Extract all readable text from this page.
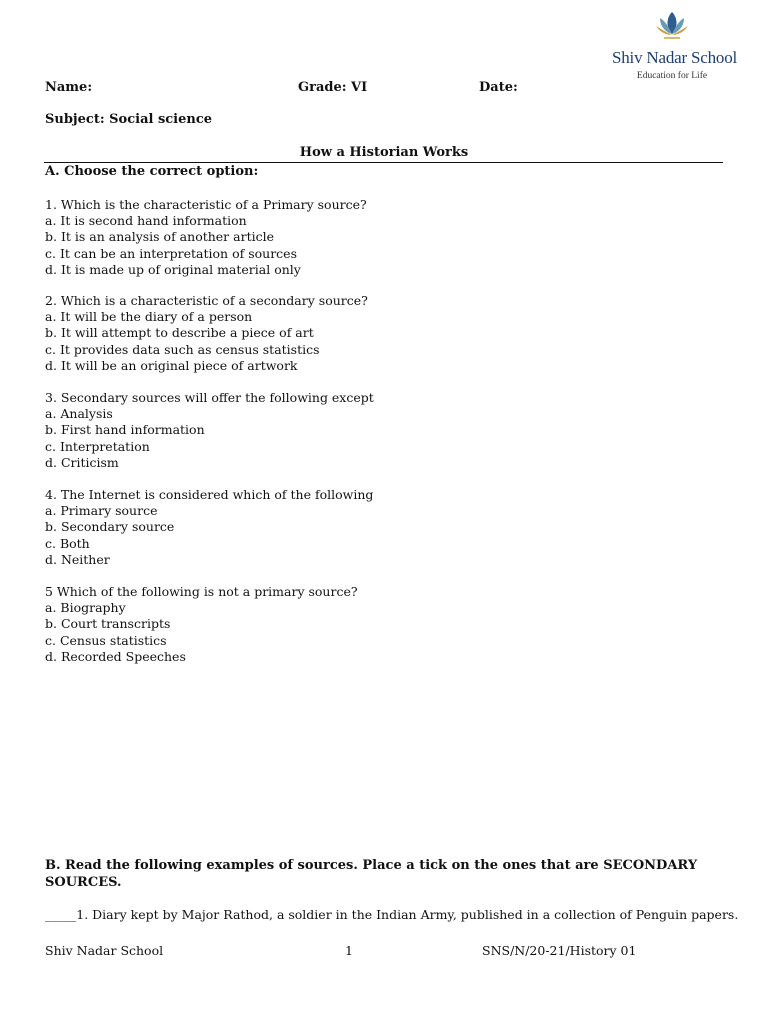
Shiv Nadar School
Education for Life
Name:	Grade: VI	Date:
Subject: Social science
How a Historian Works
A. Choose the correct option:
1. Which is the characteristic of a Primary source?
a. It is second hand information
b. It is an analysis of another article
c. It can be an interpretation of sources
d. It is made up of original material only
2. Which is a characteristic of a secondary source?
a. It will be the diary of a person
b. It will attempt to describe a piece of art
c. It provides data such as census statistics
d. It will be an original piece of artwork
3. Secondary sources will offer the following except
a. Analysis
b. First hand information
c. Interpretation
d. Criticism
4. The Internet is considered which of the following
a. Primary source
b. Secondary source
c. Both
d. Neither
5 Which of the following is not a primary source?
a. Biography
b. Court transcripts
c. Census statistics
d. Recorded Speeches
B. Read the following examples of sources. Place a tick on the ones that are SECONDARY SOURCES.
_____1. Diary kept by Major Rathod, a soldier in the Indian Army, published in a collection of Penguin papers.
Shiv Nadar School	1	SNS/N/20-21/History 01
